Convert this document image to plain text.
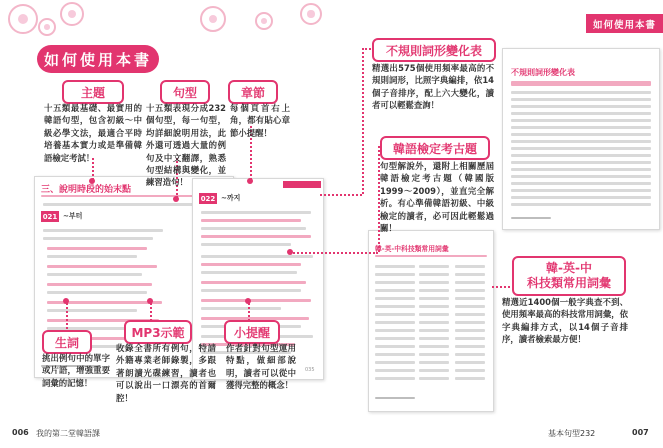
如何使用本書
如何使用本書
三、說明時段的始末點
021 ~부터
022 ~까지
035
不規則詞形變化表
韓-英-中科技類常用詞彙
主題
十五類最基礎、最實用的韓語句型，包含初級～中級必學文法，最適合平時培養基本實力或是準備韓語檢定考試！
句型
十五類表現分成232個句型，每一句型，均詳細說明用法，此外還可透過大量的例句及中文翻譯，熟悉句型結構與變化，並練習造句！
章節
每個頁首右上角，都有貼心章節小提醒！
不規則詞形變化表
精選出575個使用頻率最高的不規則詞形，比照字典編排，依14個子音排序，配上六大變化，讀者可以輕鬆查詢！
韓語檢定考古題
句型解說外，還附上相關歷屆韓語檢定考古題（韓國版1999～2009），並直完全解析。有心準備韓語初級、中級檢定的讀者，必可因此輕鬆過關！
韓-英-中
科技類常用詞彙
精選近1400個一般字典查不到、使用頻率最高的科技常用詞彙，依字典編排方式，以14個子音排序，讀者檢索最方便！
生詞
挑出例句中的單字或片語，增強重要詞彙的記憶！
MP3示範
收錄全書所有例句，特請外籍專業老師錄製，多跟著朗讀光碟練習，讀者也可以說出一口漂亮的首爾腔！
小提醒
作者針對句型運用特點，做細部說明，讀者可以從中獲得完整的概念！
006 我的第二堂韓語課	基本句型232	007
